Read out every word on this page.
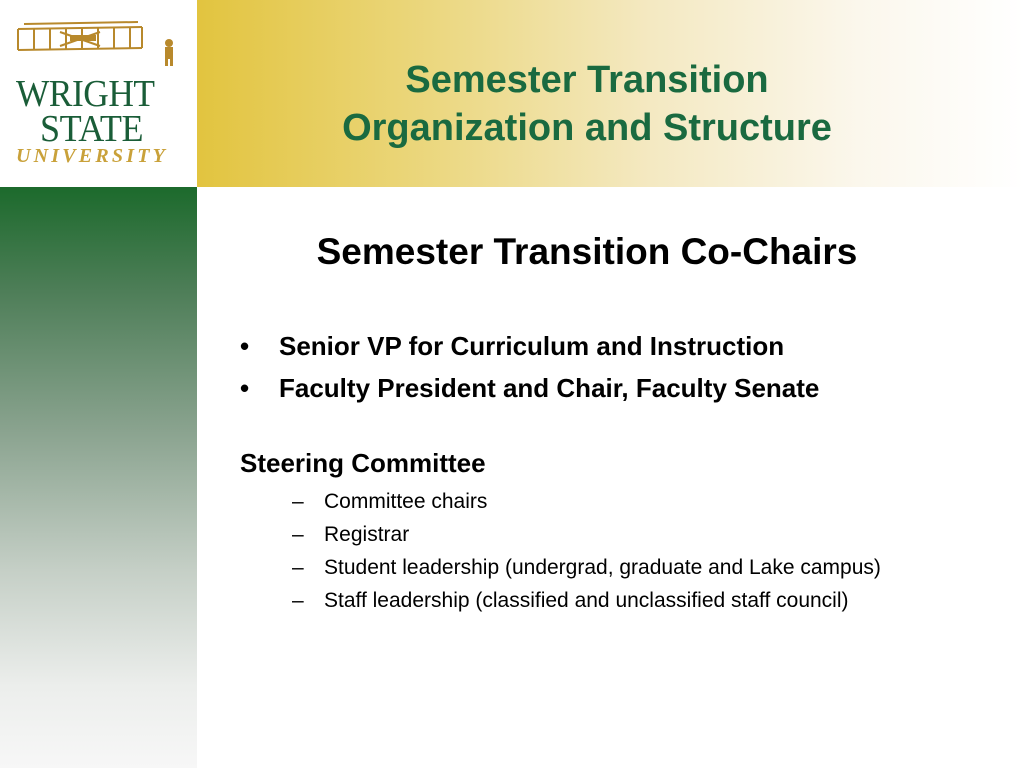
WRIGHT
STATE
UNIVERSITY
Semester Transition
Organization and Structure
Semester Transition Co-Chairs
• Senior VP for Curriculum and Instruction
• Faculty President and Chair, Faculty Senate
Steering Committee
– Committee chairs
– Registrar
– Student leadership (undergrad, graduate and Lake campus)
– Staff leadership (classified and unclassified staff council)
